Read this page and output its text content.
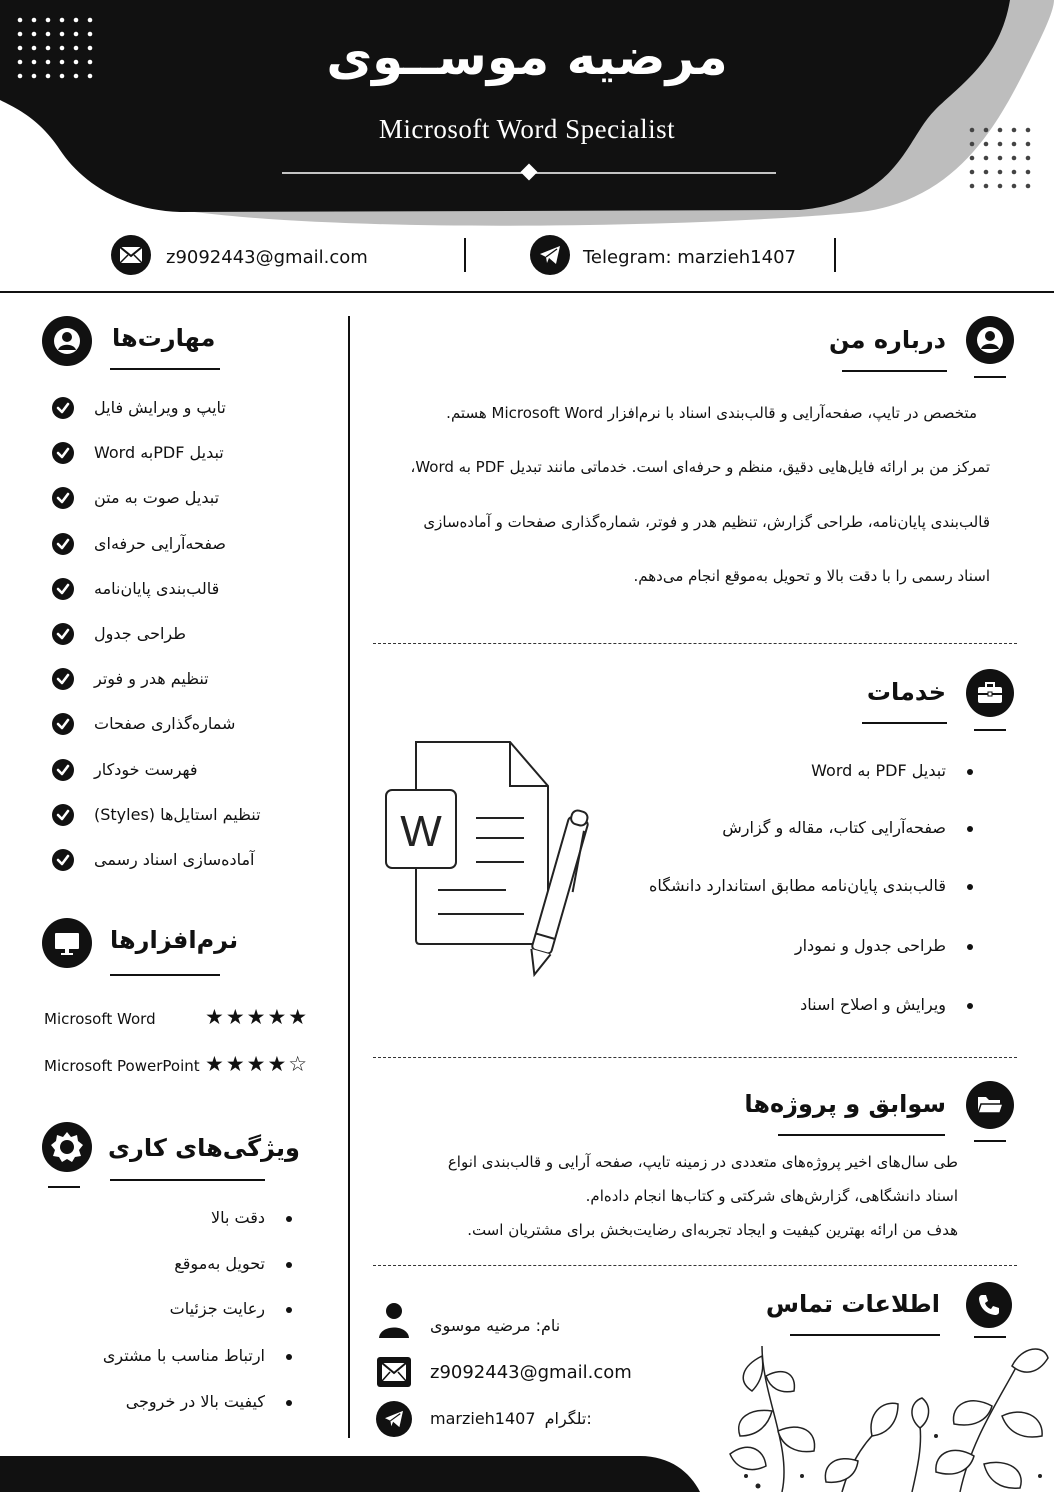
مرضیه موســوی
Microsoft Word Specialist
z9092443@gmail.com	Telegram: marzieh1407
مهارت‌ها
تایپ و ویرایش فایل
تبدیل PDFبه Word
تبدیل صوت به متن
صفحه‌آرایی حرفه‌ای
قالب‌بندی پایان‌نامه
طراحی جدول
تنظیم هدر و فوتر
شماره‌گذاری صفحات
فهرست خودکار
تنظیم استایل‌ها (Styles)
آماده‌سازی اسناد رسمی
نرم‌افزارها
Microsoft Word ★★★★★
Microsoft PowerPoint ★★★★☆
ویژگی‌های کاری
دقت بالا
تحویل به‌موقع
رعایت جزئیات
ارتباط مناسب با مشتری
کیفیت بالا در خروجی
درباره من
متخصص در تایپ، صفحه‌آرایی و قالب‌بندی اسناد با نرم‌افزار Microsoft Word هستم.
تمرکز من بر ارائه فایل‌هایی دقیق، منظم و حرفه‌ای است. خدماتی مانند تبدیل PDF به Word،
قالب‌بندی پایان‌نامه، طراحی گزارش، تنظیم هدر و فوتر، شماره‌گذاری صفحات و آماده‌سازی
اسناد رسمی را با دقت بالا و تحویل به‌موقع انجام می‌دهم.
خدمات
W
تبدیل PDF به Word
صفحه‌آرایی کتاب، مقاله و گزارش
قالب‌بندی پایان‌نامه مطابق استاندارد دانشگاه
طراحی جدول و نمودار
ویرایش و اصلاح اسناد
سوابق و پروژه‌ها
طی سال‌های اخیر پروژه‌های متعددی در زمینه تایپ، صفحه آرایی و قالب‌بندی انواع
اسناد دانشگاهی، گزارش‌های شرکتی و کتاب‌ها انجام داده‌ام.
هدف من ارائه بهترین کیفیت و ایجاد تجربه‌ای رضایت‌بخش برای مشتریان است.
اطلاعات تماس
نام: مرضیه موسوی
z9092443@gmail.com
marzieh1407 تلگرام:
